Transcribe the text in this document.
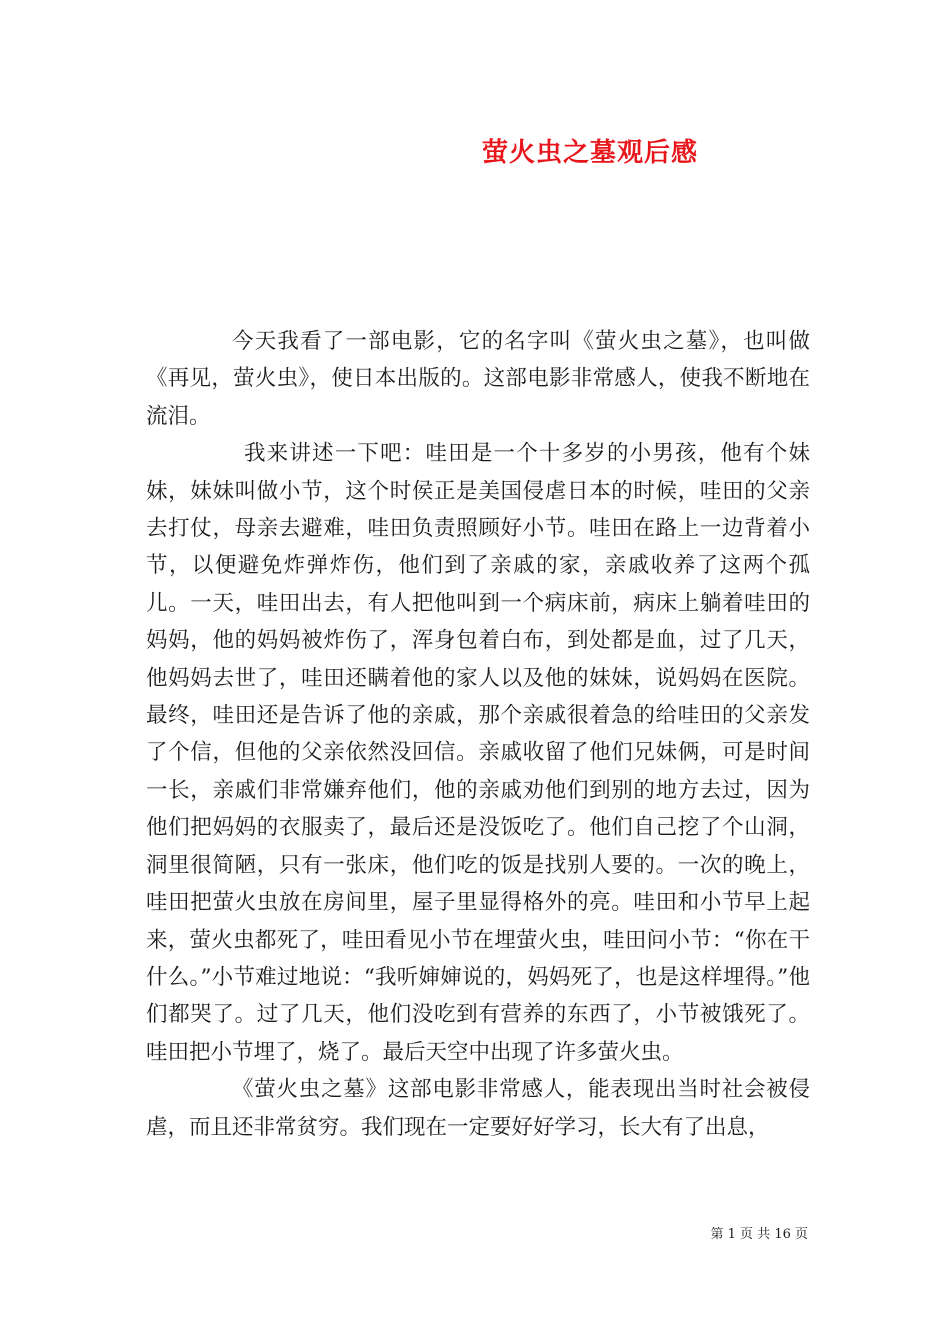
萤火虫之墓观后感

今天我看了一部电影，它的名字叫《萤火虫之墓》，也叫做《再见，萤火虫》，使日本出版的。这部电影非常感人，使我不断地在流泪。

我来讲述一下吧：哇田是一个十多岁的小男孩，他有个妹妹，妹妹叫做小节，这个时侯正是美国侵虐日本的时候，哇田的父亲去打仗，母亲去避难，哇田负责照顾好小节。哇田在路上一边背着小节，以便避免炸弹炸伤，他们到了亲戚的家，亲戚收养了这两个孤儿。一天，哇田出去，有人把他叫到一个病床前，病床上躺着哇田的妈妈，他的妈妈被炸伤了，浑身包着白布，到处都是血，过了几天，他妈妈去世了，哇田还瞒着他的家人以及他的妹妹，说妈妈在医院。最终，哇田还是告诉了他的亲戚，那个亲戚很着急的给哇田的父亲发了个信，但他的父亲依然没回信。亲戚收留了他们兄妹俩，可是时间一长，亲戚们非常嫌弃他们，他的亲戚劝他们到别的地方去过，因为他们把妈妈的衣服卖了，最后还是没饭吃了。他们自己挖了个山洞，洞里很简陋，只有一张床，他们吃的饭是找别人要的。一次的晚上，哇田把萤火虫放在房间里，屋子里显得格外的亮。哇田和小节早上起来，萤火虫都死了，哇田看见小节在埋萤火虫，哇田问小节：“你在干什么。”小节难过地说：“我听婶婶说的，妈妈死了，也是这样埋得。”他们都哭了。过了几天，他们没吃到有营养的东西了，小节被饿死了。哇田把小节埋了，烧了。最后天空中出现了许多萤火虫。

《萤火虫之墓》这部电影非常感人，能表现出当时社会被侵虐，而且还非常贫穷。我们现在一定要好好学习，长大有了出息，

第 1 页 共 16 页
